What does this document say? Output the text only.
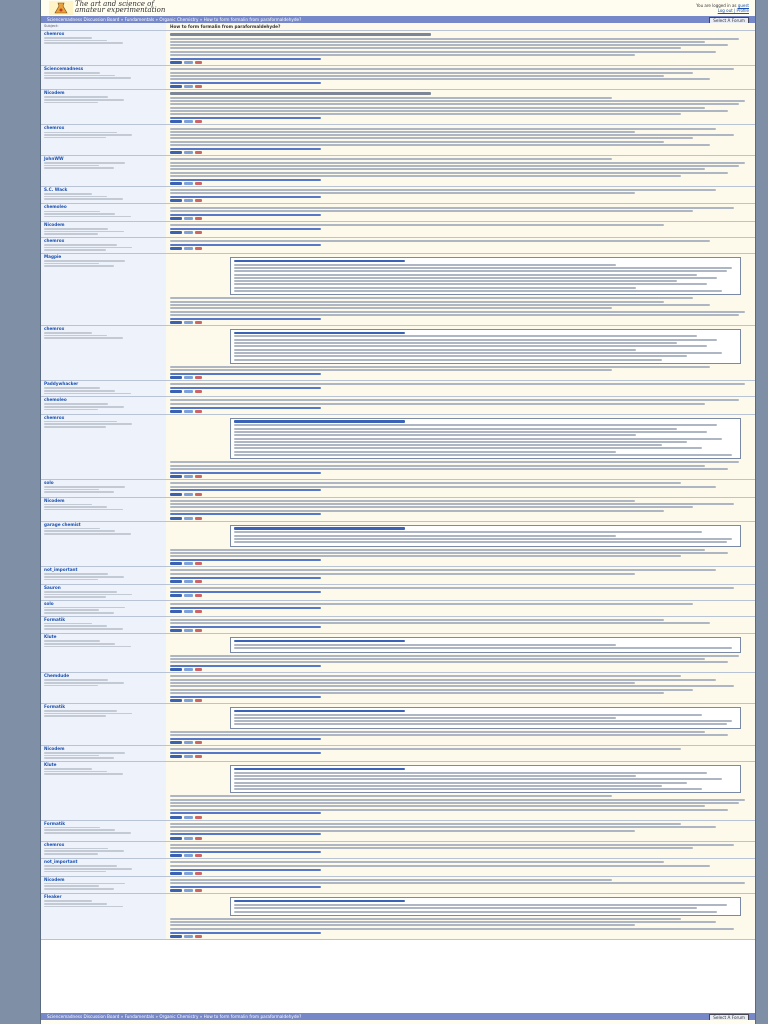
The art and science of
amateur experimentation
You are logged in as guest
Log out | Profile
Sciencemadness Discussion Board » Fundamentals » Organic Chemistry » How to form formalin from paraformaldehyde?	Select A Forum
Subject:	How to form formalin from paraformaldehyde?
chemrox
Sciencemadness
Nicodem
chemrox
JohnWW
S.C. Wack
chemoleo
Nicodem
chemrox
Magpie
chemrox
Paddywhacker
chemoleo
chemrox
solo
Nicodem
garage chemist
not_important
Sauron
solo
Formatik
Klute
Chemdude
Formatik
Nicodem
Klute
Formatik
chemrox
not_important
Nicodem
Fleaker
Sciencemadness Discussion Board » Fundamentals » Organic Chemistry » How to form formalin from paraformaldehyde?	Select A Forum
